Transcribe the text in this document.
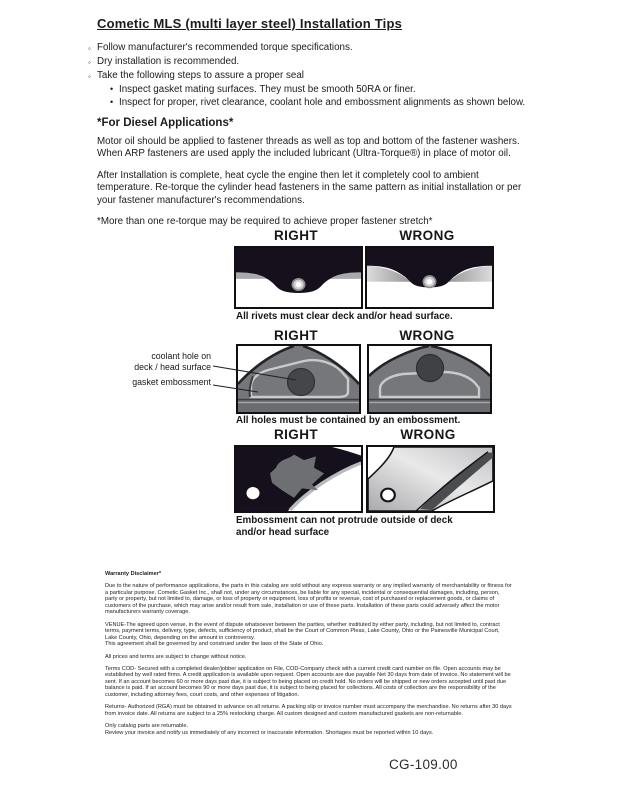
Cometic MLS (multi layer steel) Installation Tips
◦ Follow manufacturer's recommended torque specifications.
◦ Dry installation is recommended.
◦ Take the following steps to assure a proper seal
• Inspect gasket mating surfaces. They must be smooth 50RA or finer.
• Inspect for proper, rivet clearance, coolant hole and embossment alignments as shown below.
*For Diesel Applications*

Motor oil should be applied to fastener threads as well as top and bottom of the fastener washers. When ARP fasteners are used apply the included lubricant (Ultra-Torque®) in place of motor oil.

After Installation is complete, heat cycle the engine then let it completely cool to ambient temperature. Re-torque the cylinder head fasteners in the same pattern as initial installation or per your fastener manufacturer's recommendations.

*More than one re-torque may be required to achieve proper fastener stretch*

RIGHT	WRONG
All rivets must clear deck and/or head surface.
RIGHT	WRONG
coolant hole on
deck / head surface
gasket embossment
All holes must be contained by an embossment.
RIGHT	WRONG
Embossment can not protrude outside of deck and/or head surface

Warranty Disclaimer*

Due to the nature of performance applications, the parts in this catalog are sold without any express warranty or any implied warranty of merchantability or fitness for a particular purpose. Cometic Gasket Inc., shall not, under any circumstances, be liable for any special, incidental or consequential damages, including, person, party or property, but not limited to, damage, or loss of property or equipment, loss of profits or revenue, cost of purchased or replacement goods, or claims of customers of the purchase, which may arise and/or result from sale, installation or use of these parts. Installation of these parts could adversely affect the motor manufacturers warranty coverage.

VENUE-The agreed upon venue, in the event of dispute whatsoever between the parties, whether instituted by either party, including, but not limited to, contract terms, payment terms, delivery, type, defects, sufficiency of product, shall be the Court of Common Pleas, Lake County, Ohio or the Painesville Municipal Court, Lake County, Ohio, depending on the amount in controversy.

This agreement shall be governed by and construed under the laws of the State of Ohio.

All prices and terms are subject to change without notice.

Terms COD- Secured with a completed dealer/jobber application on File, COD-Company check with a current credit card number on file. Open accounts may be established by well rated firms. A credit application is available upon request. Open accounts are due payable Net 30 days from date of invoice. No statement will be sent. If an account becomes 60 or more days past due, it is subject to being placed on credit hold. No orders will be shipped or new orders accepted until past due balance is paid. If an account becomes 90 or more days past due, it is subject to being placed for collections. All costs of collection are the responsibility of the customer, including attorney fees, court costs, and other expenses of litigation.

Returns- Authorized (RGA) must be obtained in advance on all returns. A packing slip or invoice number must accompany the merchandise. No returns after 30 days from invoice date. All returns are subject to a 25% restocking charge. All custom designed and custom manufactured gaskets are non-returnable.

Only catalog parts are returnable.

Review your invoice and notify us immediately of any incorrect or inaccurate information. Shortages must be reported within 10 days.

CG-109.00
